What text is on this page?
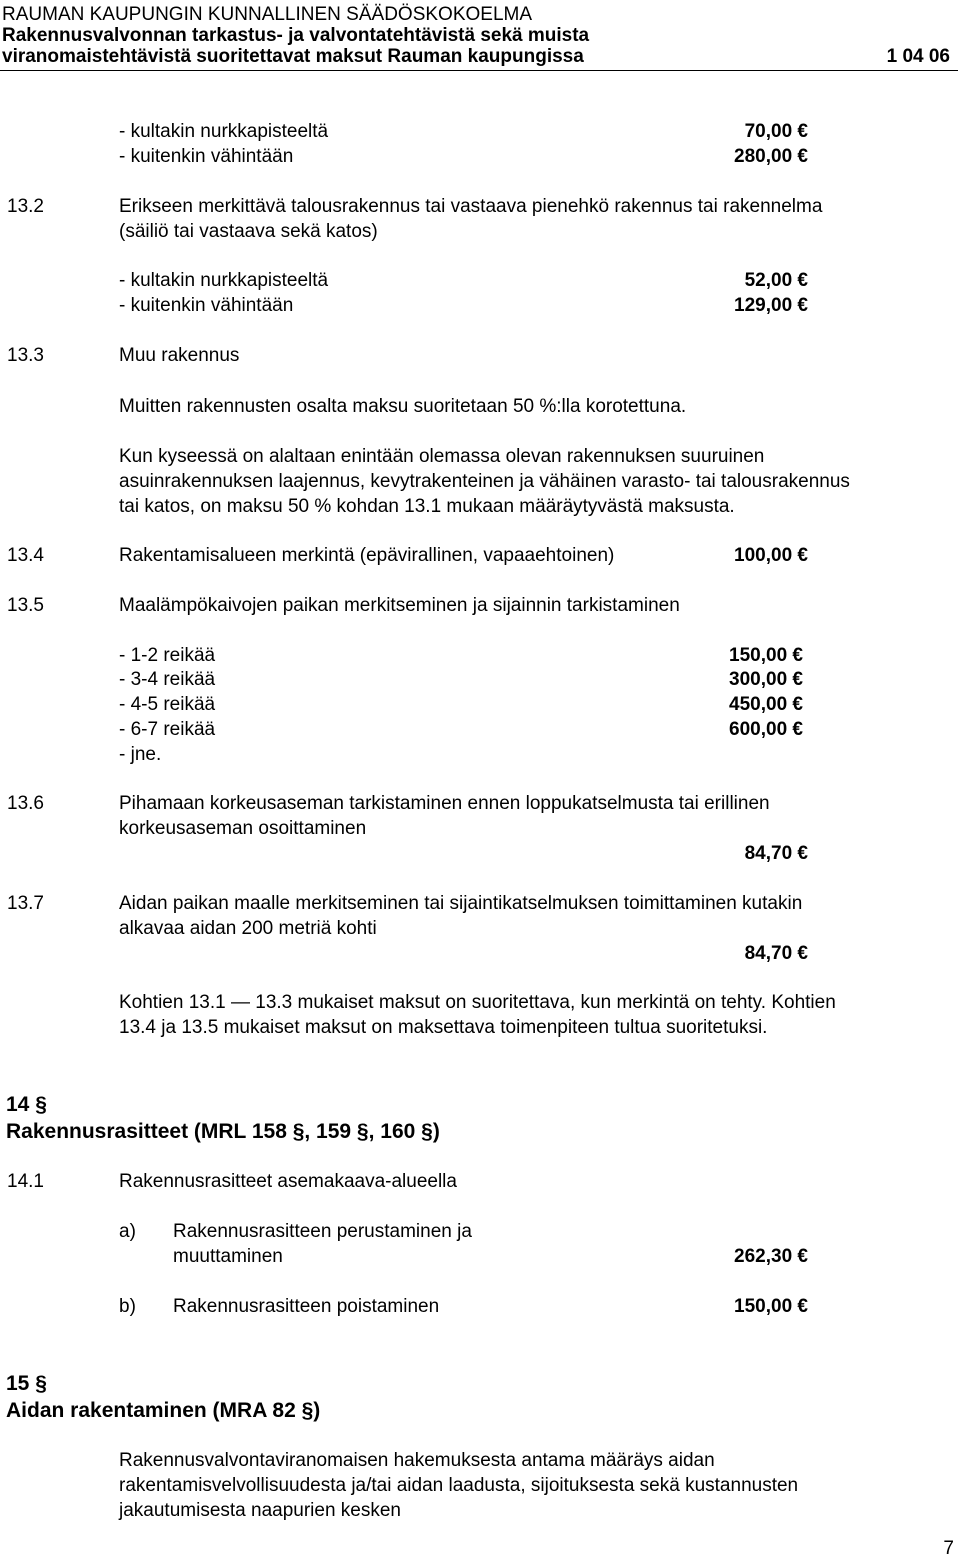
RAUMAN KAUPUNGIN KUNNALLINEN SÄÄDÖSKOKOELMA
Rakennusvalvonnan tarkastus- ja valvontatehtävistä sekä muista
viranomaistehtävistä suoritettavat maksut Rauman kaupungissa	1 04 06
- kultakin nurkkapisteeltä	70,00 €
- kuitenkin vähintään	280,00 €
13.2	Erikseen merkittävä talousrakennus tai vastaava pienehkö rakennus tai rakennelma
(säiliö tai vastaava sekä katos)
- kultakin nurkkapisteeltä	52,00 €
- kuitenkin vähintään	129,00 €
13.3	Muu rakennus
Muitten rakennusten osalta maksu suoritetaan 50 %:lla korotettuna.
Kun kyseessä on alaltaan enintään olemassa olevan rakennuksen suuruinen
asuinrakennuksen laajennus, kevytrakenteinen ja vähäinen varasto- tai talousrakennus
tai katos, on maksu 50 % kohdan 13.1 mukaan määräytyvästä maksusta.
13.4	Rakentamisalueen merkintä (epävirallinen, vapaaehtoinen)	100,00 €
13.5	Maalämpökaivojen paikan merkitseminen ja sijainnin tarkistaminen
- 1-2 reikää	150,00 €
- 3-4 reikää	300,00 €
- 4-5 reikää	450,00 €
- 6-7 reikää	600,00 €
- jne.
13.6	Pihamaan korkeusaseman tarkistaminen ennen loppukatselmusta tai erillinen
korkeusaseman osoittaminen
84,70 €
13.7	Aidan paikan maalle merkitseminen tai sijaintikatselmuksen toimittaminen kutakin
alkavaa aidan 200 metriä kohti
84,70 €
Kohtien 13.1 — 13.3 mukaiset maksut on suoritettava, kun merkintä on tehty. Kohtien
13.4 ja 13.5 mukaiset maksut on maksettava toimenpiteen tultua suoritetuksi.
14 §
Rakennusrasitteet (MRL 158 §, 159 §, 160 §)
14.1	Rakennusrasitteet asemakaava-alueella
a) Rakennusrasitteen perustaminen ja
muuttaminen	262,30 €
b) Rakennusrasitteen poistaminen	150,00 €
15 §
Aidan rakentaminen (MRA 82 §)
Rakennusvalvontaviranomaisen hakemuksesta antama määräys aidan
rakentamisvelvollisuudesta ja/tai aidan laadusta, sijoituksesta sekä kustannusten
jakautumisesta naapurien kesken
7
